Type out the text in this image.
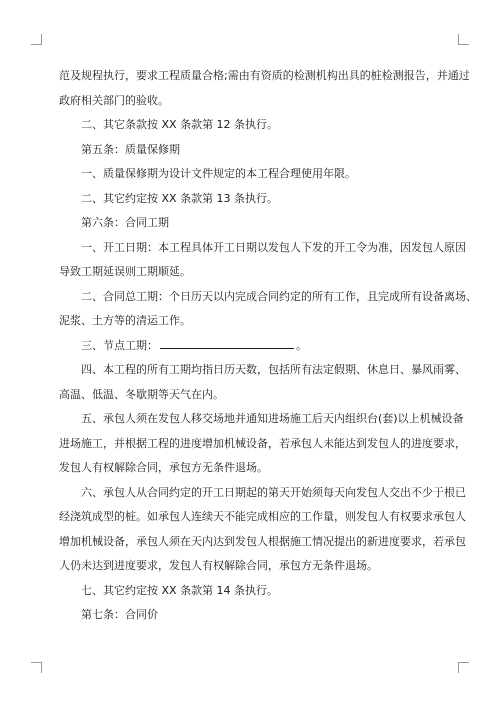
范及规程执行，要求工程质量合格;需由有资质的检测机构出具的桩检测报告，并通过

政府相关部门的验收。

二、其它条款按 XX 条款第 12 条执行。

第五条：质量保修期

一、质量保修期为设计文件规定的本工程合理使用年限。

二、其它约定按 XX 条款第 13 条执行。

第六条：合同工期

一、开工日期：本工程具体开工日期以发包人下发的开工令为准，因发包人原因

导致工期延误则工期顺延。

二、合同总工期：个日历天以内完成合同约定的所有工作，且完成所有设备离场、

泥浆、土方等的清运工作。

三、节点工期：	。

四、本工程的所有工期均指日历天数，包括所有法定假期、休息日、暴风雨雾、

高温、低温、冬歇期等天气在内。

五、承包人须在发包人移交场地并通知进场施工后天内组织台(套)以上机械设备

进场施工，并根据工程的进度增加机械设备，若承包人未能达到发包人的进度要求，

发包人有权解除合同，承包方无条件退场。

六、承包人从合同约定的开工日期起的第天开始须每天向发包人交出不少于根已

经浇筑成型的桩。如承包人连续天不能完成相应的工作量，则发包人有权要求承包人

增加机械设备，承包人须在天内达到发包人根据施工情况提出的新进度要求，若承包

人仍未达到进度要求，发包人有权解除合同，承包方无条件退场。

七、其它约定按 XX 条款第 14 条执行。

第七条：合同价
